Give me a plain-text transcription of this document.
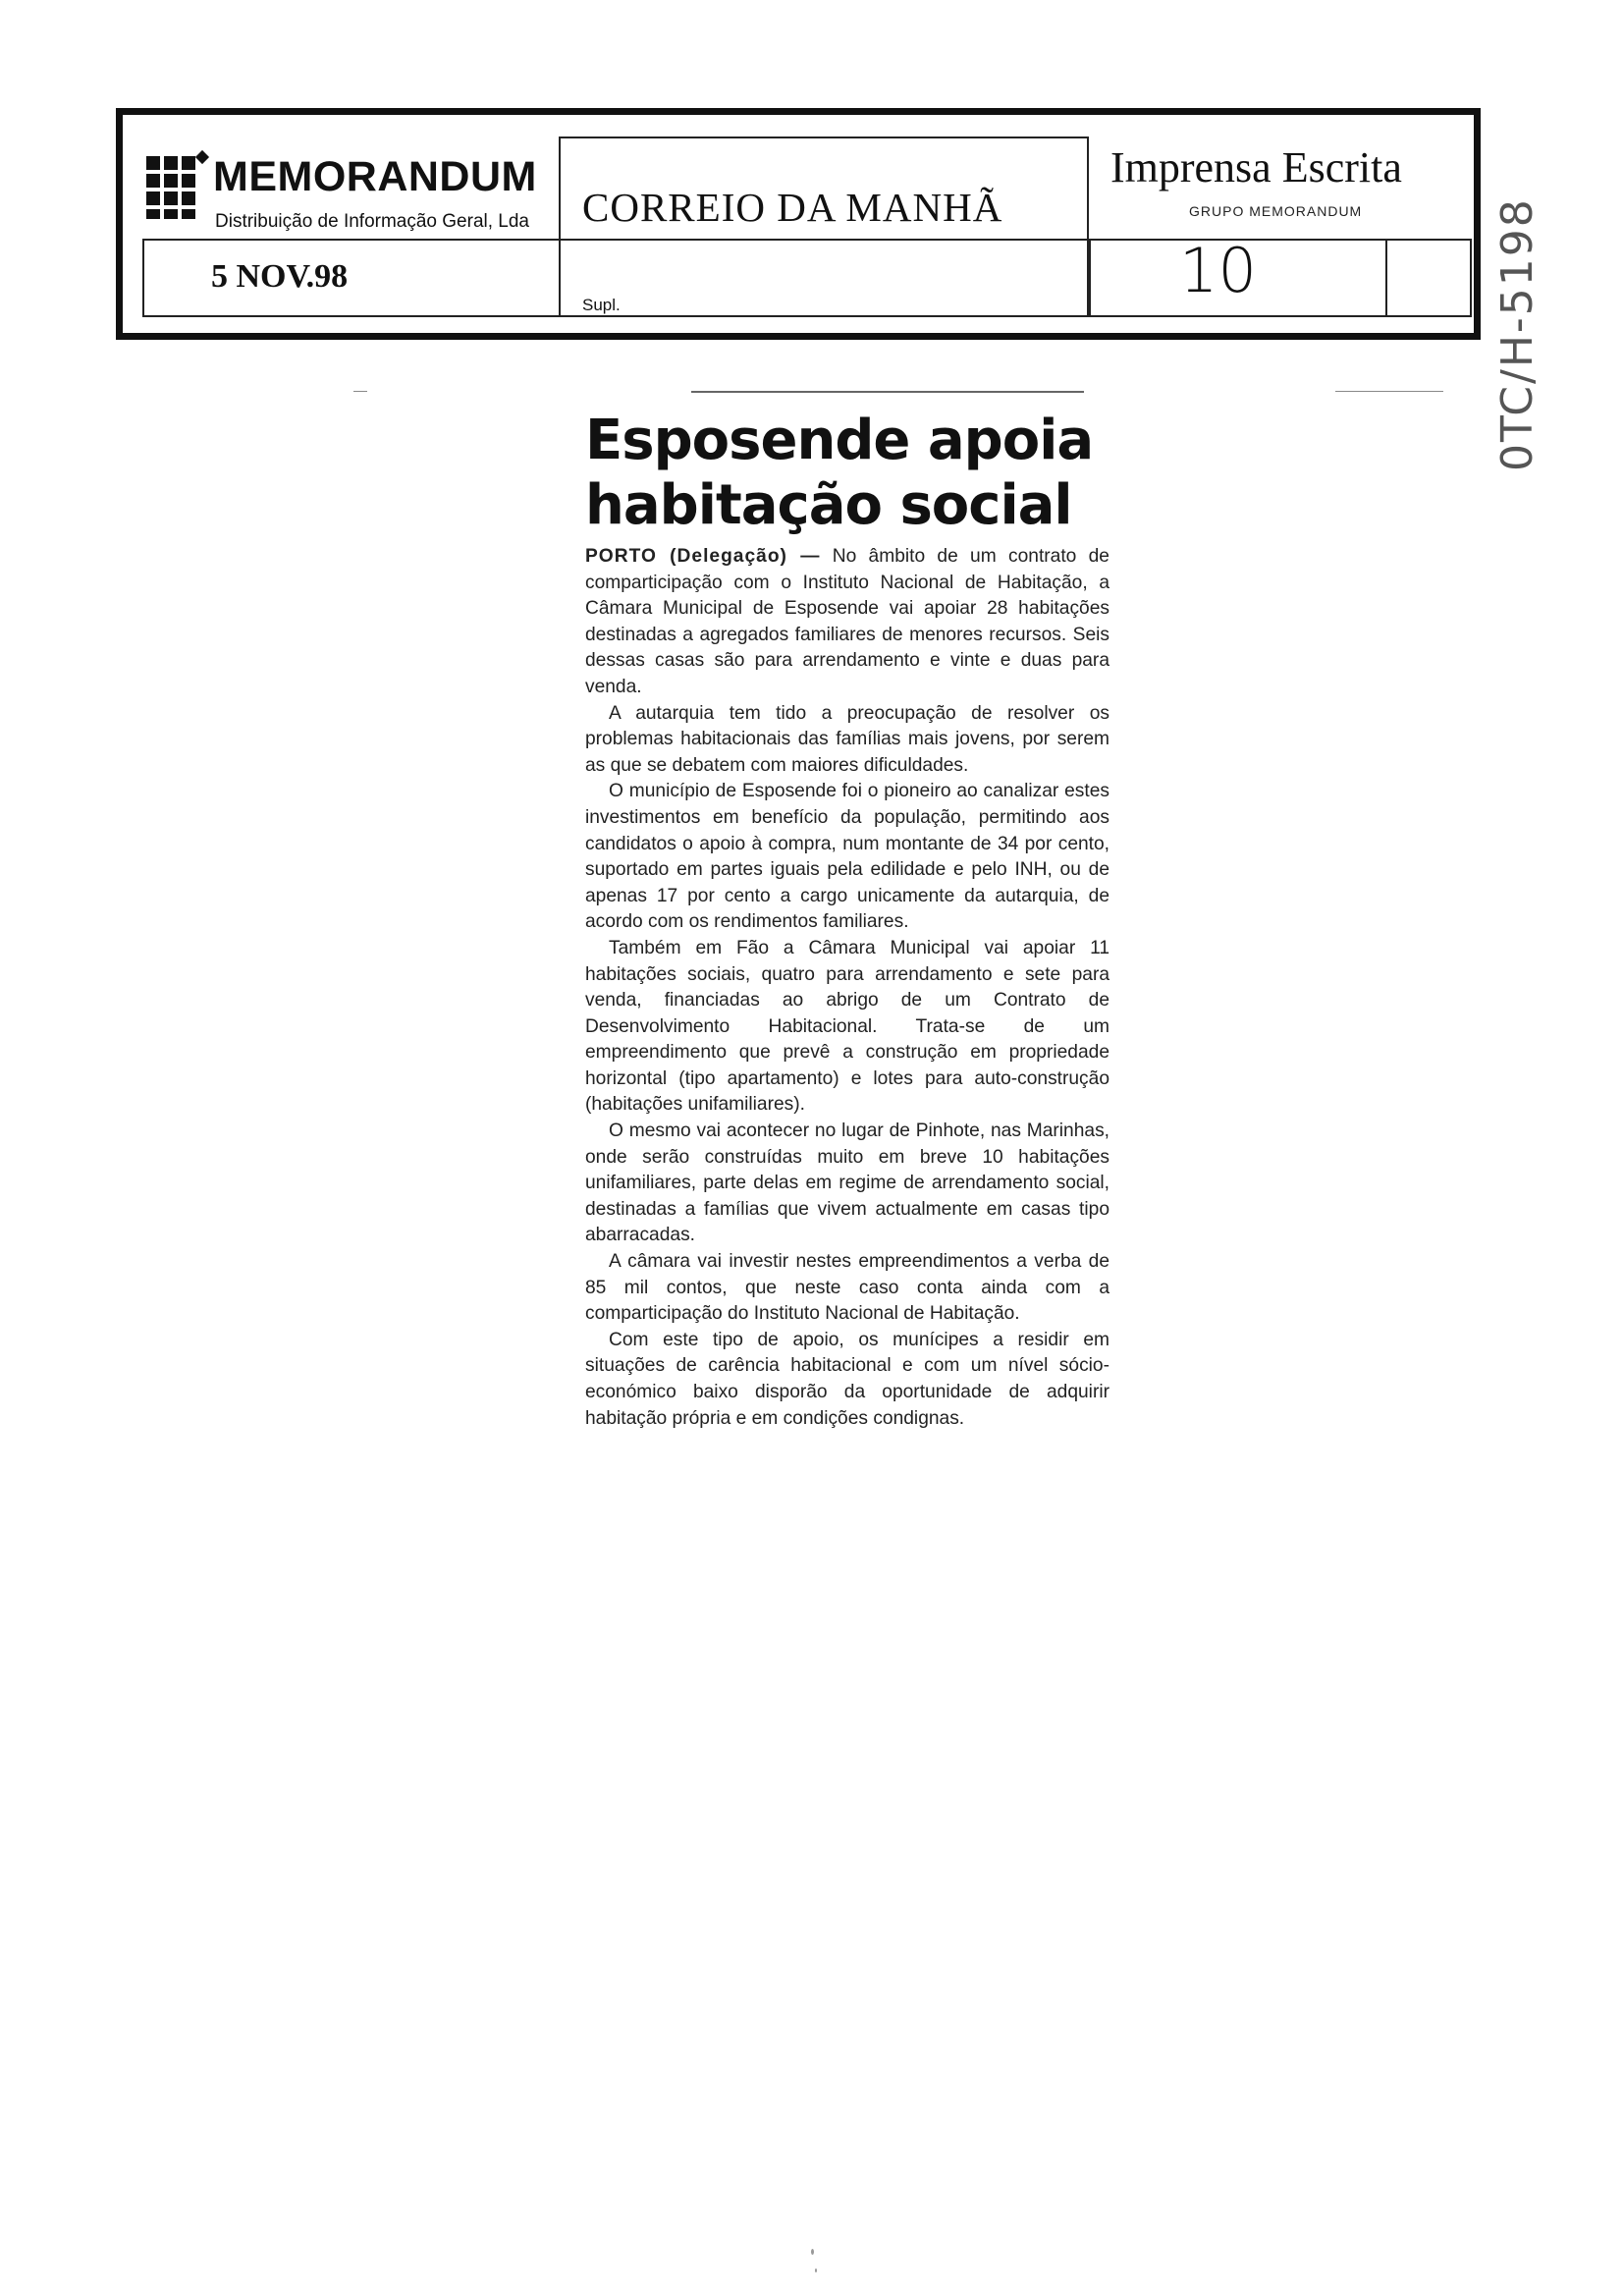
MEMORANDUM
Distribuição de Informação Geral, Lda CORREIO DA MANHÃ
Supl.
Imprensa Escrita
GRUPO MEMORANDUM
5 NOV.98	10	0TC/H-5198
Esposende apoia
habitação social

PORTO (Delegação) — No âmbito de um contrato de comparticipação com o Instituto Nacional de Habitação, a Câmara Municipal de Esposende vai apoiar 28 habitações destinadas a agregados familiares de menores recursos. Seis dessas casas são para arrendamento e vinte e duas para venda.

A autarquia tem tido a preocupação de resolver os problemas habitacionais das famílias mais jovens, por serem as que se debatem com maiores dificuldades.

O município de Esposende foi o pioneiro ao canalizar estes investimentos em benefício da população, permitindo aos candidatos o apoio à compra, num montante de 34 por cento, suportado em partes iguais pela edilidade e pelo INH, ou de apenas 17 por cento a cargo unicamente da autarquia, de acordo com os rendimentos familiares.

Também em Fão a Câmara Municipal vai apoiar 11 habitações sociais, quatro para arrendamento e sete para venda, financiadas ao abrigo de um Contrato de Desenvolvimento Habitacional. Trata-se de um empreendimento que prevê a construção em propriedade horizontal (tipo apartamento) e lotes para auto-construção (habitações unifamiliares).

O mesmo vai acontecer no lugar de Pinhote, nas Marinhas, onde serão construídas muito em breve 10 habitações unifamiliares, parte delas em regime de arrendamento social, destinadas a famílias que vivem actualmente em casas tipo abarracadas.

A câmara vai investir nestes empreendimentos a verba de 85 mil contos, que neste caso conta ainda com a comparticipação do Instituto Nacional de Habitação.

Com este tipo de apoio, os munícipes a residir em situações de carência habitacional e com um nível sócio-económico baixo disporão da oportunidade de adquirir habitação própria e em condições condignas.
